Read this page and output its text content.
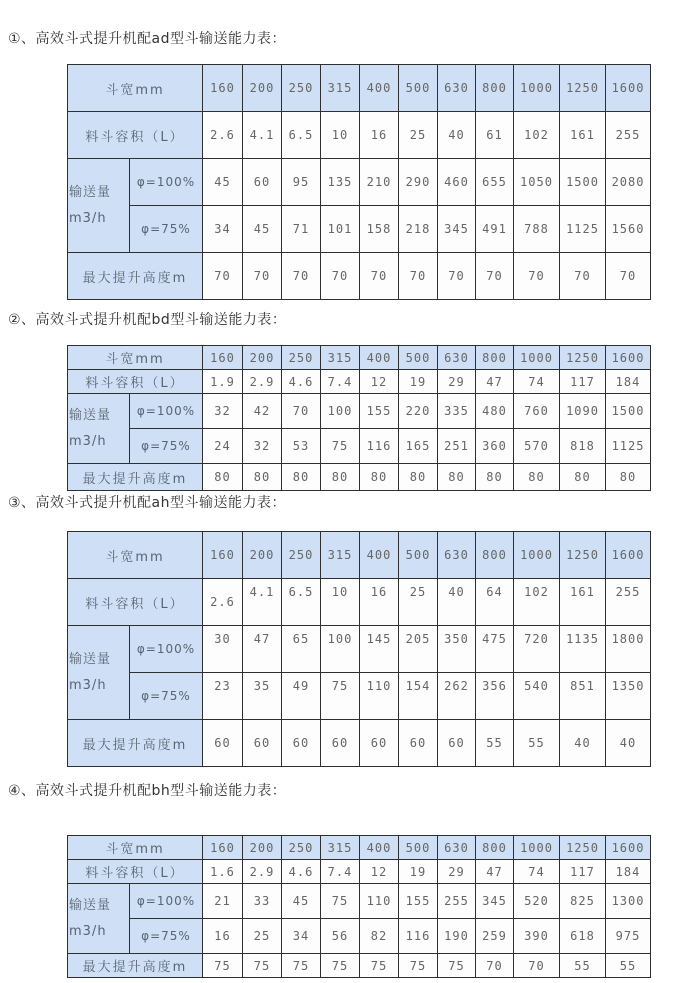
①、高效斗式提升机配ad型斗输送能力表：
斗宽mm		160	200	250	315	400	500	630	800	1000	1250	1600
料斗容积（L）		2.6	4.1	6.5	10	16	25	40	61	102	161	255

输送量
m3/h	φ=100%	45	60	95	135	210	290	460	655	1050	1500	2080
	φ=75%	34	45	71	101	158	218	345	491	788	1125	1560
最大提升高度m		70	70	70	70	70	70	70	70	70	70	70
②、高效斗式提升机配bd型斗输送能力表：
斗宽mm		160	200	250	315	400	500	630	800	1000	1250	1600
料斗容积（L）		1.9	2.9	4.6	7.4	12	19	29	47	74	117	184

输送量
m3/h	φ=100%	32	42	70	100	155	220	335	480	760	1090	1500
	φ=75%	24	32	53	75	116	165	251	360	570	818	1125
最大提升高度m		80	80	80	80	80	80	80	80	80	80	80
③、高效斗式提升机配ah型斗输送能力表：
斗宽mm		160	200	250	315	400	500	630	800	1000	1250	1600
料斗容积（L）		2.6	4.1	6.5	10	16	25	40	64	102	161	255

输送量
m3/h	φ=100%	30	47	65	100	145	205	350	475	720	1135	1800
	φ=75%	23	35	49	75	110	154	262	356	540	851	1350
最大提升高度m		60	60	60	60	60	60	60	55	55	40	40
④、高效斗式提升机配bh型斗输送能力表：
斗宽mm		160	200	250	315	400	500	630	800	1000	1250	1600
料斗容积（L）		1.6	2.9	4.6	7.4	12	19	29	47	74	117	184

输送量
m3/h	φ=100%	21	33	45	75	110	155	255	345	520	825	1300
	φ=75%	16	25	34	56	82	116	190	259	390	618	975
最大提升高度m		75	75	75	75	75	75	75	70	70	55	55
